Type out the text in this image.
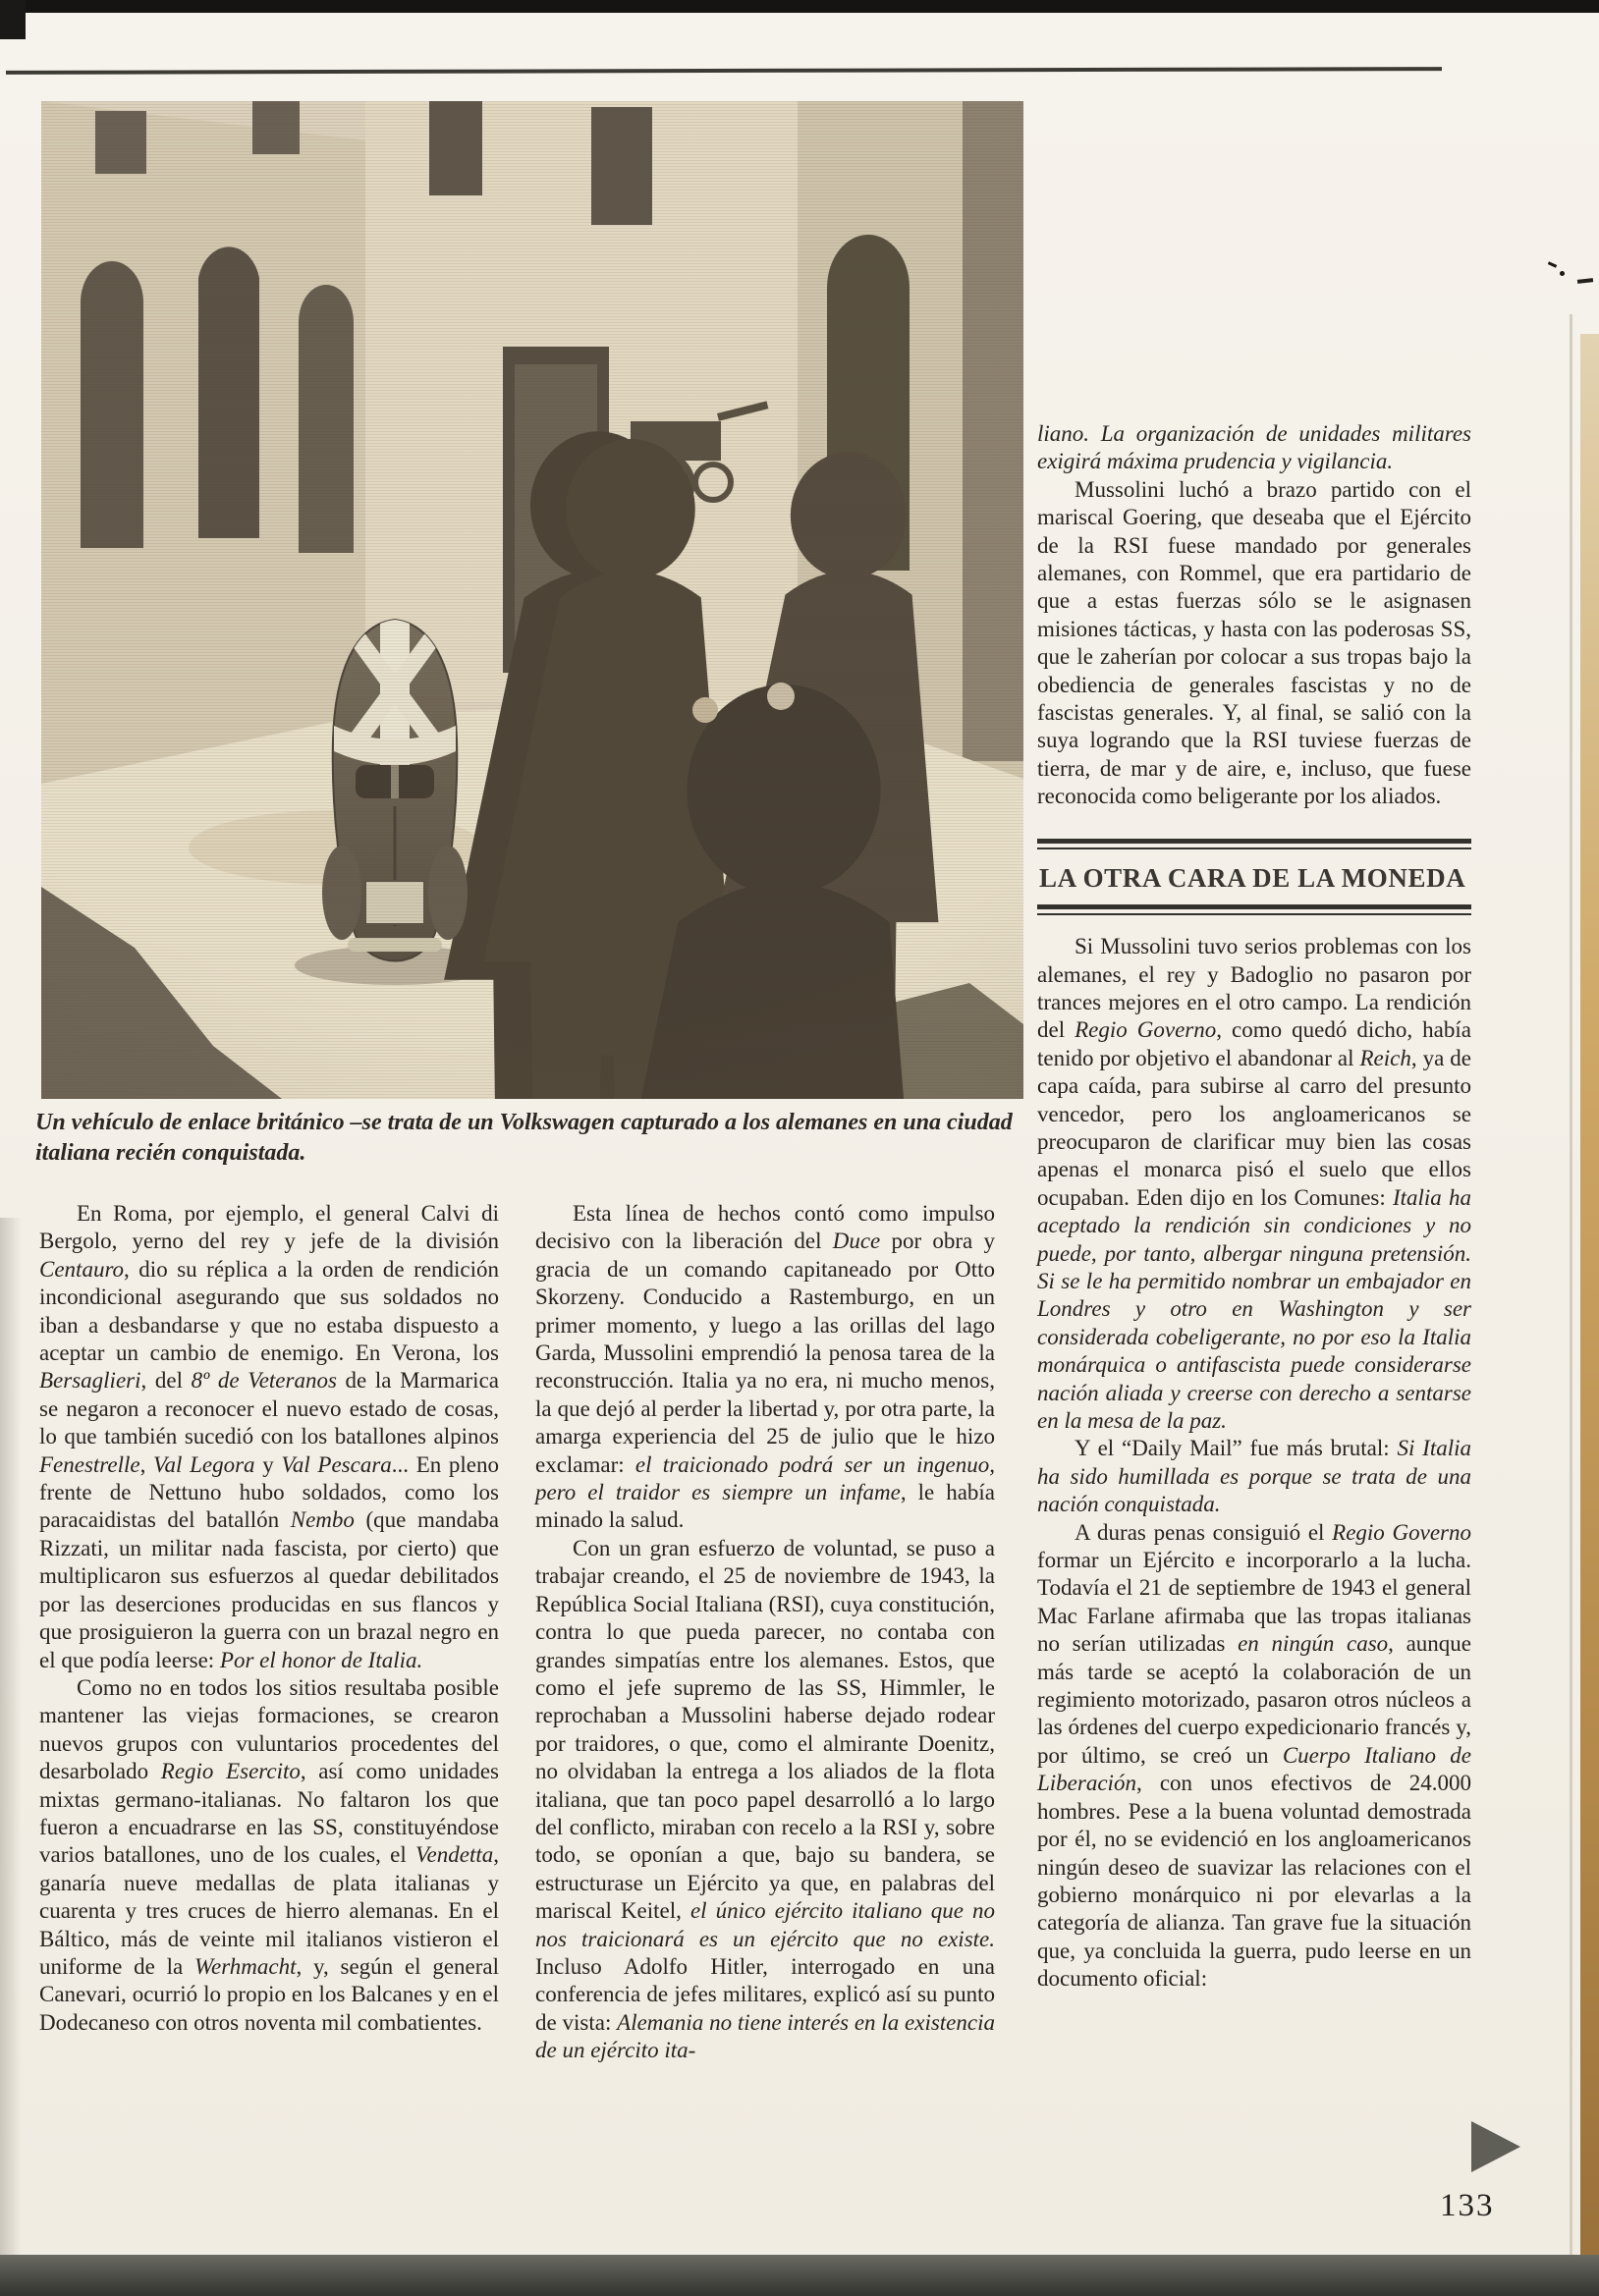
Un vehículo de enlace británico –se trata de un Volkswagen capturado a los alemanes en una ciudad italiana recién conquistada.

En Roma, por ejemplo, el general Calvi di Bergolo, yerno del rey y jefe de la división Centauro, dio su réplica a la orden de rendición incondicional asegurando que sus soldados no iban a desbandarse y que no estaba dispuesto a aceptar un cambio de enemigo. En Verona, los Bersaglieri, del 8º de Veteranos de la Marmarica se negaron a reconocer el nuevo estado de cosas, lo que también sucedió con los batallones alpinos Fenestrelle, Val Legora y Val Pescara... En pleno frente de Nettuno hubo soldados, como los paracaidistas del batallón Nembo (que mandaba Rizzati, un militar nada fascista, por cierto) que multiplicaron sus esfuerzos al quedar debilitados por las deserciones producidas en sus flancos y que prosiguieron la guerra con un brazal negro en el que podía leerse: Por el honor de Italia.

Como no en todos los sitios resultaba posible mantener las viejas formaciones, se crearon nuevos grupos con vuluntarios procedentes del desarbolado Regio Esercito, así como unidades mixtas germano-italianas. No faltaron los que fueron a encuadrarse en las SS, constituyéndose varios batallones, uno de los cuales, el Vendetta, ganaría nueve medallas de plata italianas y cuarenta y tres cruces de hierro alemanas. En el Báltico, más de veinte mil italianos vistieron el uniforme de la Werhmacht, y, según el general Canevari, ocurrió lo propio en los Balcanes y en el Dodecaneso con otros noventa mil combatientes.

Esta línea de hechos contó como impulso decisivo con la liberación del Duce por obra y gracia de un comando capitaneado por Otto Skorzeny. Conducido a Rastemburgo, en un primer momento, y luego a las orillas del lago Garda, Mussolini emprendió la penosa tarea de la reconstrucción. Italia ya no era, ni mucho menos, la que dejó al perder la libertad y, por otra parte, la amarga experiencia del 25 de julio que le hizo exclamar: el traicionado podrá ser un ingenuo, pero el traidor es siempre un infame, le había minado la salud.

Con un gran esfuerzo de voluntad, se puso a trabajar creando, el 25 de noviembre de 1943, la República Social Italiana (RSI), cuya constitución, contra lo que pueda parecer, no contaba con grandes simpatías entre los alemanes. Estos, que como el jefe supremo de las SS, Himmler, le reprochaban a Mussolini haberse dejado rodear por traidores, o que, como el almirante Doenitz, no olvidaban la entrega a los aliados de la flota italiana, que tan poco papel desarrolló a lo largo del conflicto, miraban con recelo a la RSI y, sobre todo, se oponían a que, bajo su bandera, se estructurase un Ejército ya que, en palabras del mariscal Keitel, el único ejército italiano que no nos traicionará es un ejército que no existe. Incluso Adolfo Hitler, interrogado en una conferencia de jefes militares, explicó así su punto de vista: Alemania no tiene interés en la existencia de un ejército ita-

liano. La organización de unidades militares exigirá máxima prudencia y vigilancia.

Mussolini luchó a brazo partido con el mariscal Goering, que deseaba que el Ejército de la RSI fuese mandado por generales alemanes, con Rommel, que era partidario de que a estas fuerzas sólo se le asignasen misiones tácticas, y hasta con las poderosas SS, que le zaherían por colocar a sus tropas bajo la obediencia de generales fascistas y no de fascistas generales. Y, al final, se salió con la suya logrando que la RSI tuviese fuerzas de tierra, de mar y de aire, e, incluso, que fuese reconocida como beligerante por los aliados.

LA OTRA CARA DE LA MONEDA

Si Mussolini tuvo serios problemas con los alemanes, el rey y Badoglio no pasaron por trances mejores en el otro campo. La rendición del Regio Governo, como quedó dicho, había tenido por objetivo el abandonar al Reich, ya de capa caída, para subirse al carro del presunto vencedor, pero los angloamericanos se preocuparon de clarificar muy bien las cosas apenas el monarca pisó el suelo que ellos ocupaban. Eden dijo en los Comunes: Italia ha aceptado la rendición sin condiciones y no puede, por tanto, albergar ninguna pretensión. Si se le ha permitido nombrar un embajador en Londres y otro en Washington y ser considerada cobeligerante, no por eso la Italia monárquica o antifascista puede considerarse nación aliada y creerse con derecho a sentarse en la mesa de la paz.

Y el “Daily Mail” fue más brutal: Si Italia ha sido humillada es porque se trata de una nación conquistada.

A duras penas consiguió el Regio Governo formar un Ejército e incorporarlo a la lucha. Todavía el 21 de septiembre de 1943 el general Mac Farlane afirmaba que las tropas italianas no serían utilizadas en ningún caso, aunque más tarde se aceptó la colaboración de un regimiento motorizado, pasaron otros núcleos a las órdenes del cuerpo expedicionario francés y, por último, se creó un Cuerpo Italiano de Liberación, con unos efectivos de 24.000 hombres. Pese a la buena voluntad demostrada por él, no se evidenció en los angloamericanos ningún deseo de suavizar las relaciones con el gobierno monárquico ni por elevarlas a la categoría de alianza. Tan grave fue la situación que, ya concluida la guerra, pudo leerse en un documento oficial:

133
